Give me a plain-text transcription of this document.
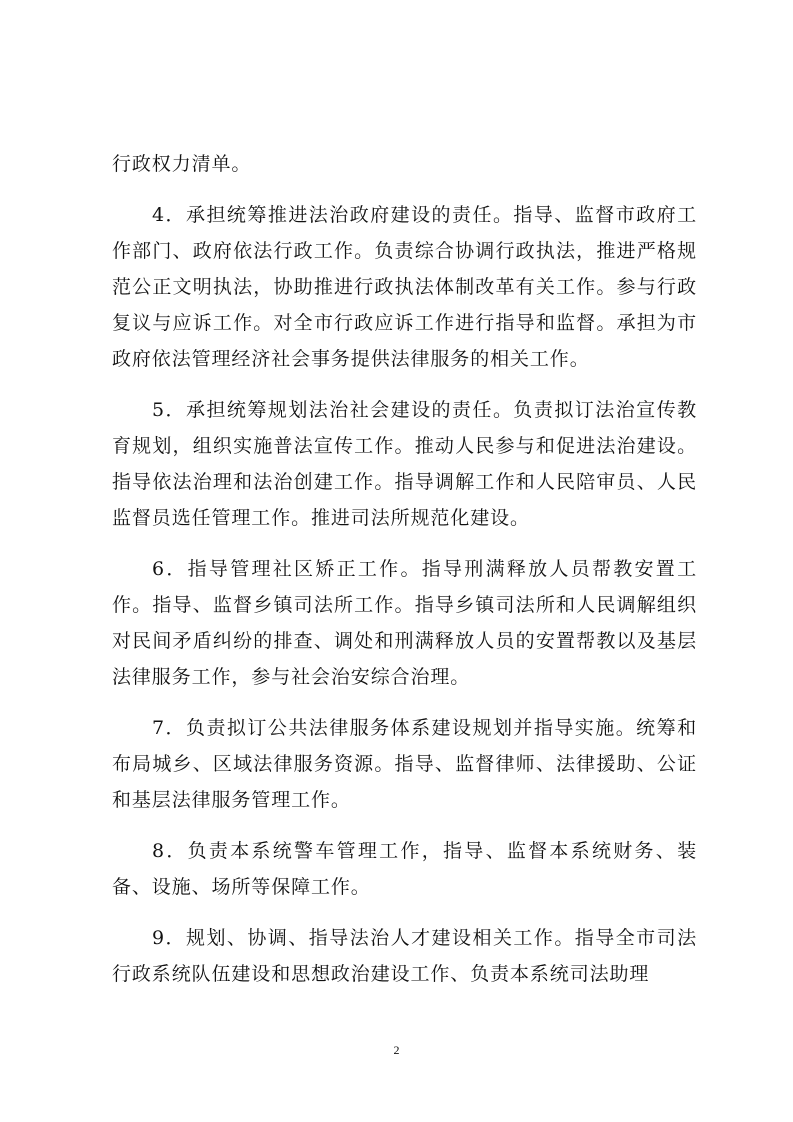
行政权力清单。

4．承担统筹推进法治政府建设的责任。指导、监督市政府工作部门、政府依法行政工作。负责综合协调行政执法，推进严格规范公正文明执法，协助推进行政执法体制改革有关工作。参与行政复议与应诉工作。对全市行政应诉工作进行指导和监督。承担为市政府依法管理经济社会事务提供法律服务的相关工作。

5．承担统筹规划法治社会建设的责任。负责拟订法治宣传教育规划，组织实施普法宣传工作。推动人民参与和促进法治建设。指导依法治理和法治创建工作。指导调解工作和人民陪审员、人民监督员选任管理工作。推进司法所规范化建设。

6．指导管理社区矫正工作。指导刑满释放人员帮教安置工作。指导、监督乡镇司法所工作。指导乡镇司法所和人民调解组织对民间矛盾纠纷的排查、调处和刑满释放人员的安置帮教以及基层法律服务工作，参与社会治安综合治理。

7．负责拟订公共法律服务体系建设规划并指导实施。统筹和布局城乡、区域法律服务资源。指导、监督律师、法律援助、公证和基层法律服务管理工作。

8．负责本系统警车管理工作，指导、监督本系统财务、装备、设施、场所等保障工作。

9．规划、协调、指导法治人才建设相关工作。指导全市司法行政系统队伍建设和思想政治建设工作、负责本系统司法助理

2
